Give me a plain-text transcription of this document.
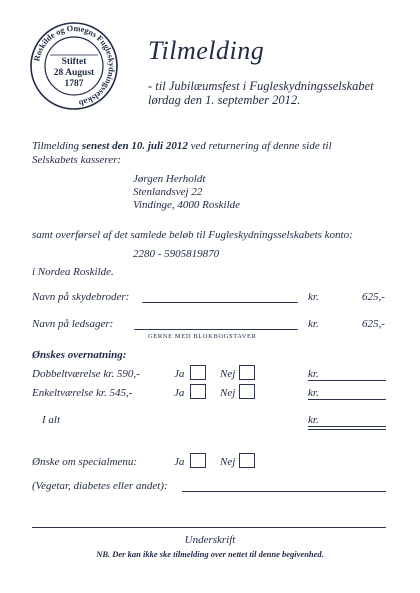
Roskilde og Omegns Fugleskydningsselskab
Stiftet
28 August
1787
Tilmelding
- til Jubilæumsfest i Fugleskydningsselskabet
lørdag den 1. september 2012.
Tilmelding senest den 10. juli 2012 ved returnering af denne side til
Selskabets kasserer:
Jørgen Herholdt
Stenlandsvej 22
Vindinge, 4000 Roskilde
samt overførsel af det samlede beløb til Fugleskydningsselskabets konto:
2280 - 5905819870
i Nordea Roskilde.
Navn på skydebroder:	kr.	625,-
Navn på ledsager:	kr.	625,-
GERNE MED BLOKBOGSTAVER
Ønskes overnatning:
Dobbeltværelse kr. 590,-	Ja	Nej	kr.
Enkeltværelse kr. 545,-	Ja	Nej	kr.
I alt	kr.
Ønske om specialmenu:	Ja	Nej
(Vegetar, diabetes eller andet):
Underskrift
NB. Der kan ikke ske tilmelding over nettet til denne begivenhed.
